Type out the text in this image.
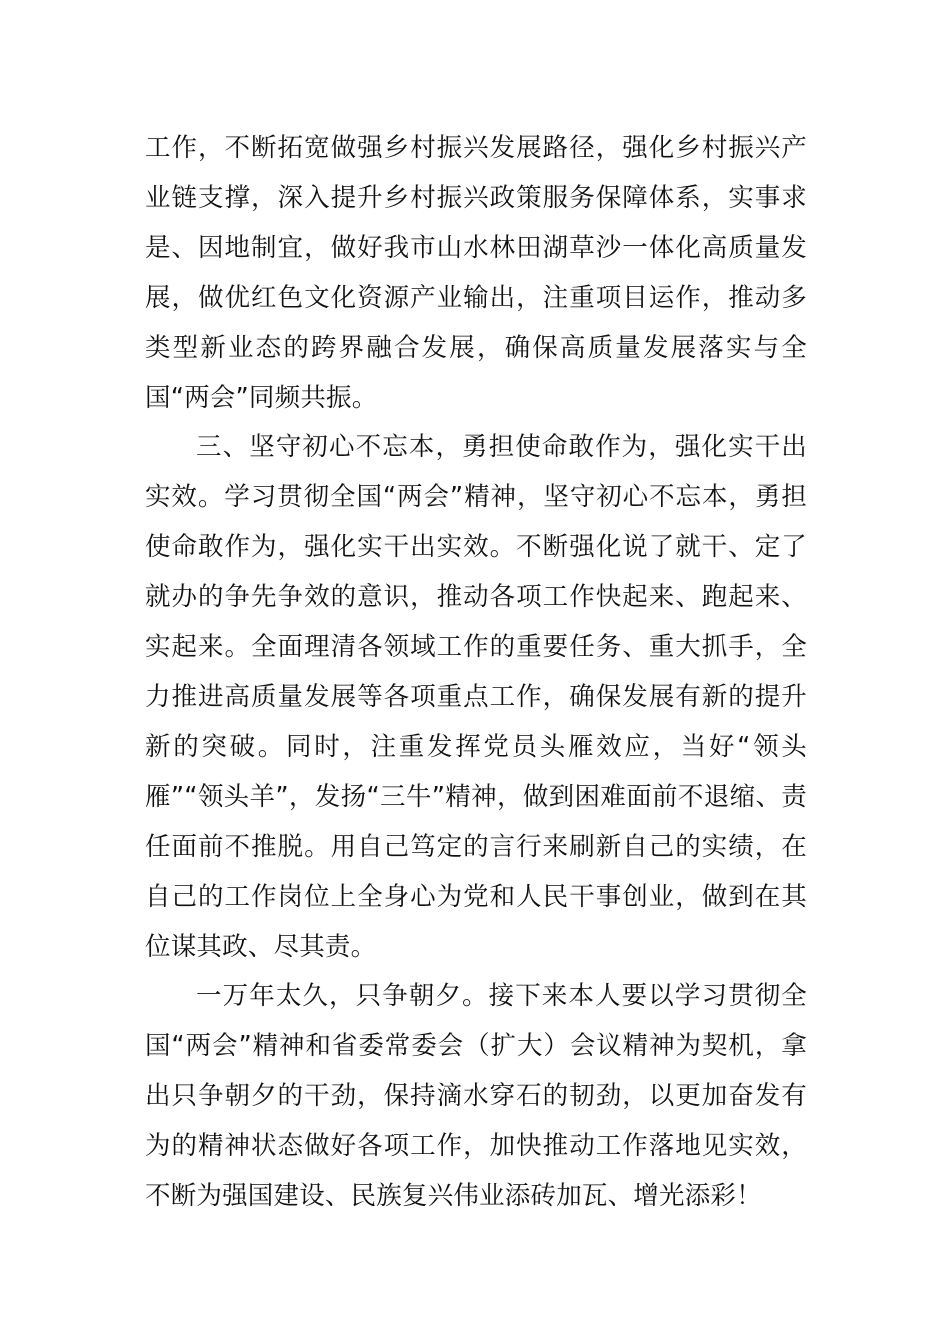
工作，不断拓宽做强乡村振兴发展路径，强化乡村振兴产业链支撑，深入提升乡村振兴政策服务保障体系，实事求是、因地制宜，做好我市山水林田湖草沙一体化高质量发展，做优红色文化资源产业输出，注重项目运作，推动多类型新业态的跨界融合发展，确保高质量发展落实与全国“两会”同频共振。

三、坚守初心不忘本，勇担使命敢作为，强化实干出实效。学习贯彻全国“两会”精神，坚守初心不忘本，勇担使命敢作为，强化实干出实效。不断强化说了就干、定了就办的争先争效的意识，推动各项工作快起来、跑起来、实起来。全面理清各领域工作的重要任务、重大抓手，全力推进高质量发展等各项重点工作，确保发展有新的提升新的突破。同时，注重发挥党员头雁效应，当好“领头雁”“领头羊”，发扬“三牛”精神，做到困难面前不退缩、责任面前不推脱。用自己笃定的言行来刷新自己的实绩，在自己的工作岗位上全身心为党和人民干事创业，做到在其位谋其政、尽其责。

一万年太久，只争朝夕。接下来本人要以学习贯彻全国“两会”精神和省委常委会（扩大）会议精神为契机，拿出只争朝夕的干劲，保持滴水穿石的韧劲，以更加奋发有为的精神状态做好各项工作，加快推动工作落地见实效，不断为强国建设、民族复兴伟业添砖加瓦、增光添彩！
